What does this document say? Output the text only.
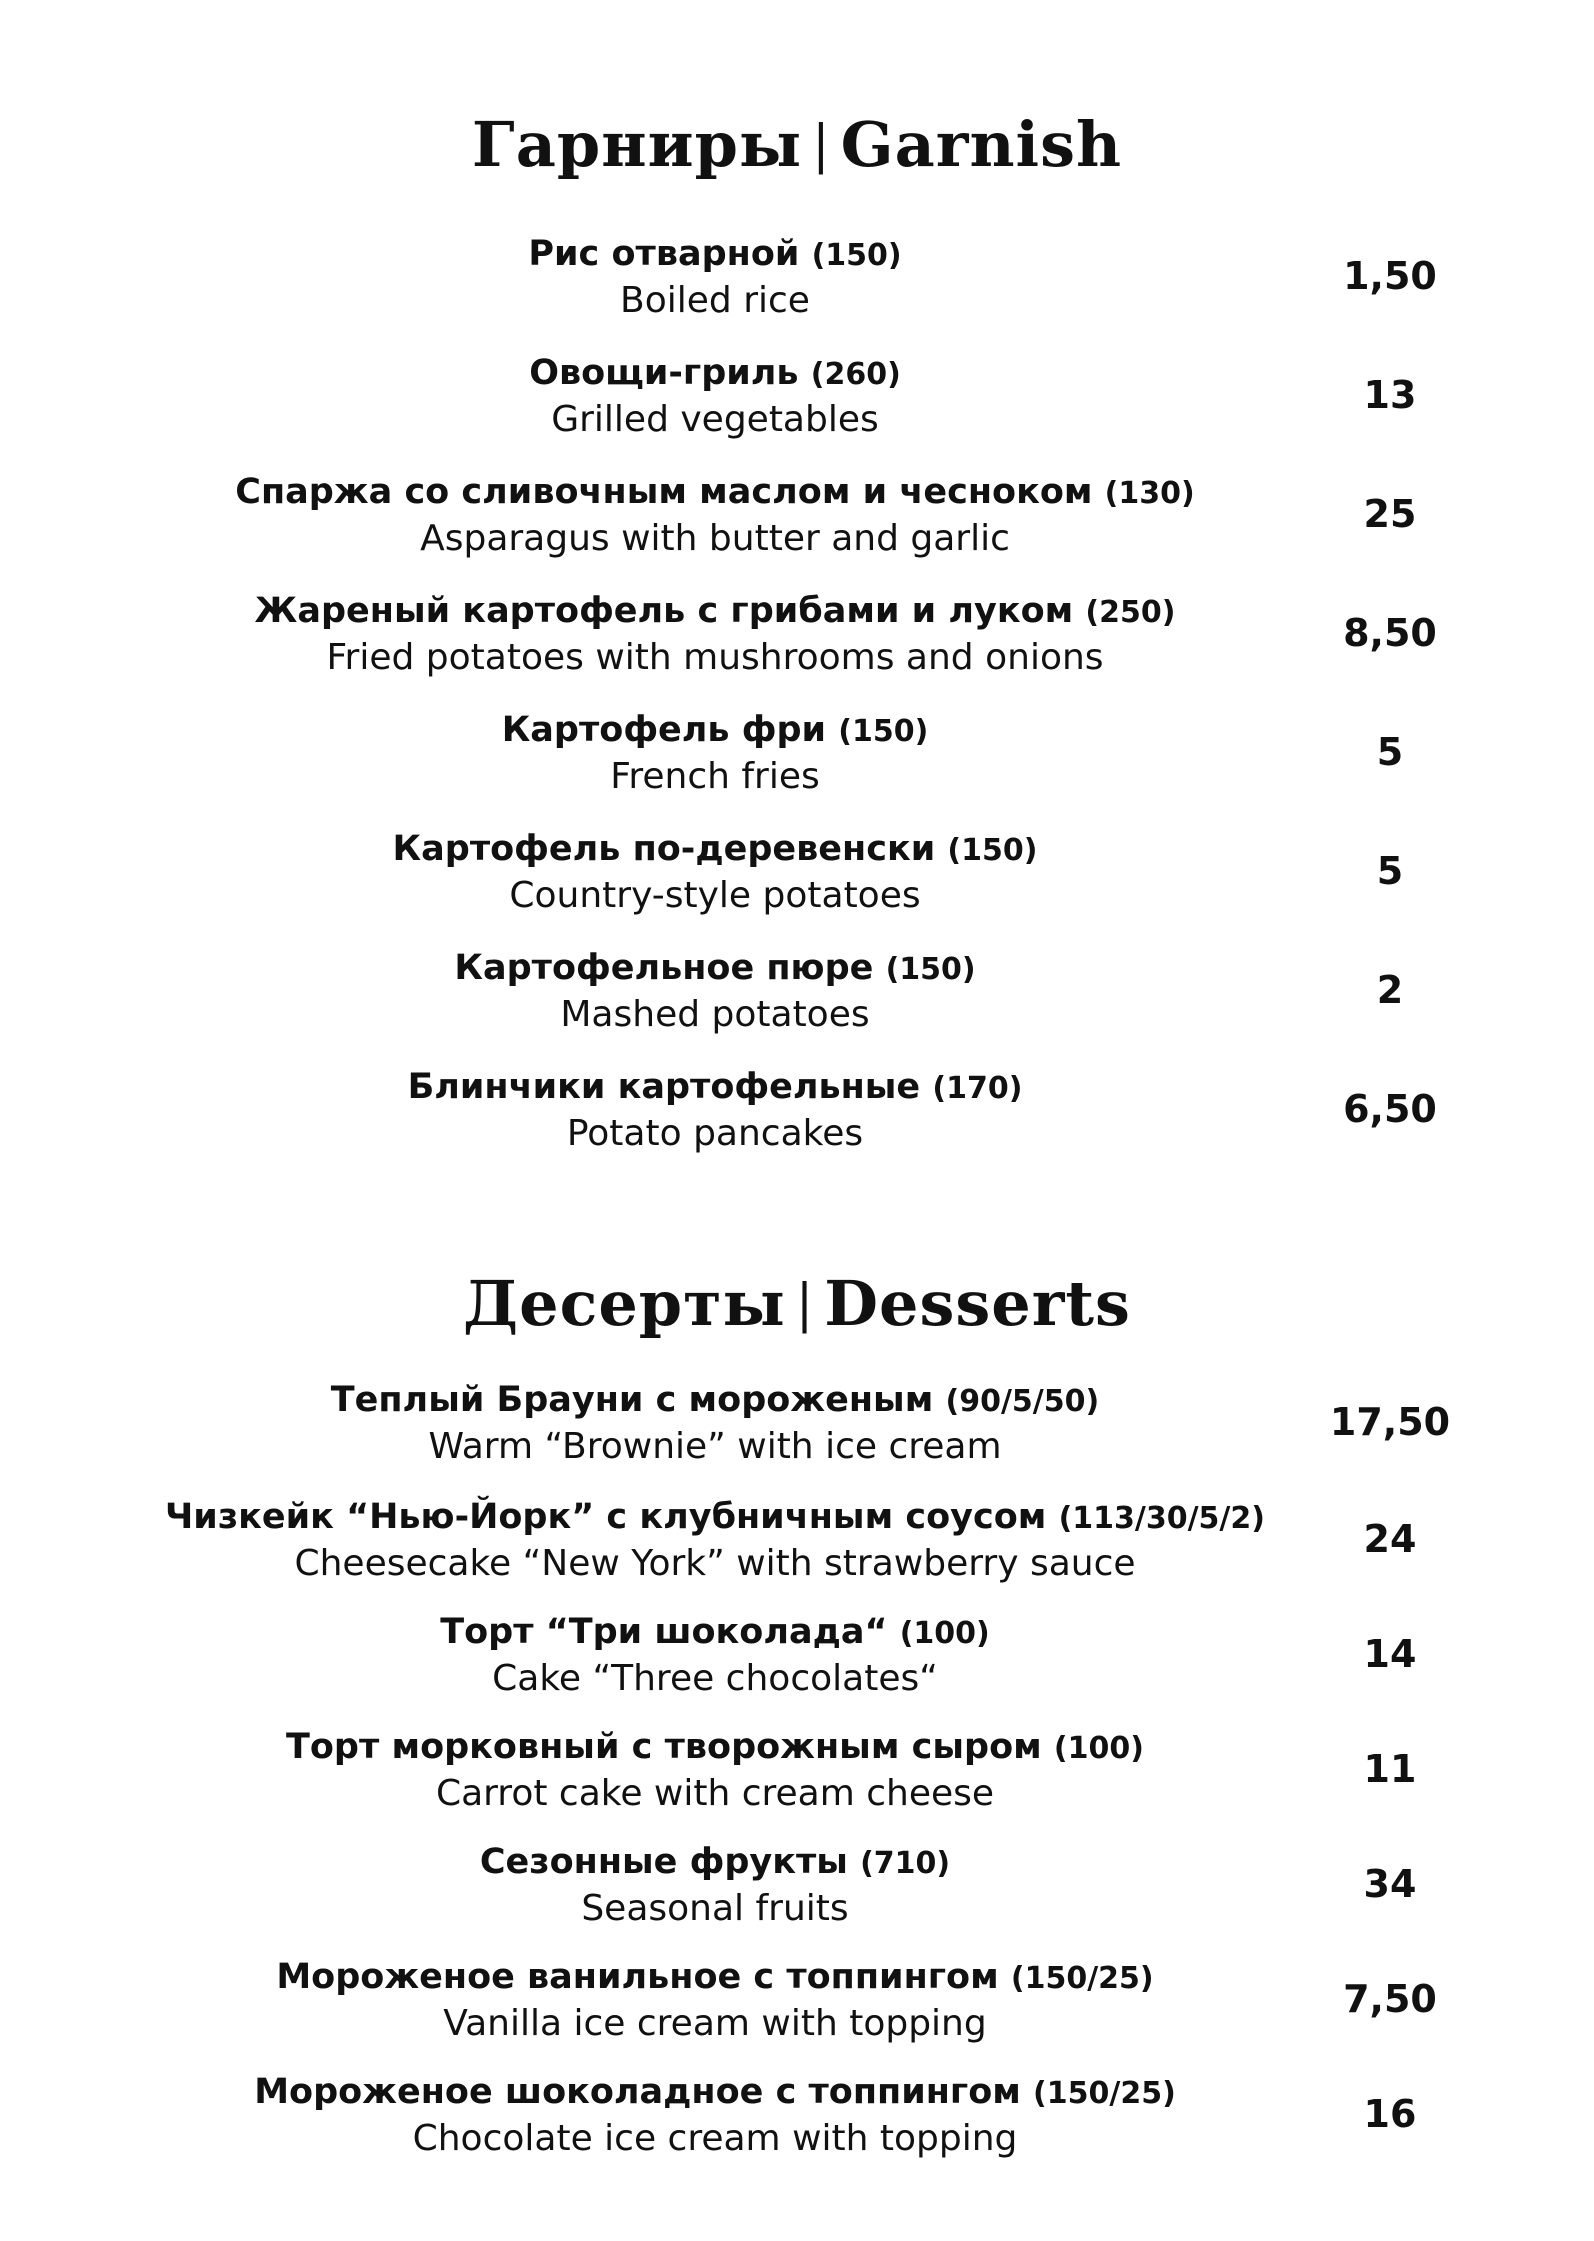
Гарниры | Garnish
Рис отварной (150)
Boiled rice
1,50
Овощи-гриль (260)
Grilled vegetables
13
Спаржа со сливочным маслом и чесноком (130)
Asparagus with butter and garlic
25
Жареный картофель с грибами и луком (250)
Fried potatoes with mushrooms and onions
8,50
Картофель фри (150)
French fries
5
Картофель по-деревенски (150)
Country-style potatoes
5
Картофельное пюре (150)
Mashed potatoes
2
Блинчики картофельные (170)
Potato pancakes
6,50
Десерты | Desserts
Теплый Брауни с мороженым (90/5/50)
Warm “Brownie” with ice cream
17,50
Чизкейк “Нью-Йорк” с клубничным соусом (113/30/5/2)
Cheesecake “New York” with strawberry sauce
24
Торт “Три шоколада“ (100)
Cake “Three chocolates“
14
Торт морковный с творожным сыром (100)
Carrot cake with cream cheese
11
Сезонные фрукты (710)
Seasonal fruits
34
Мороженое ванильное с топпингом (150/25)
Vanilla ice cream with topping
7,50
Мороженое шоколадное с топпингом (150/25)
Chocolate ice cream with topping
16
